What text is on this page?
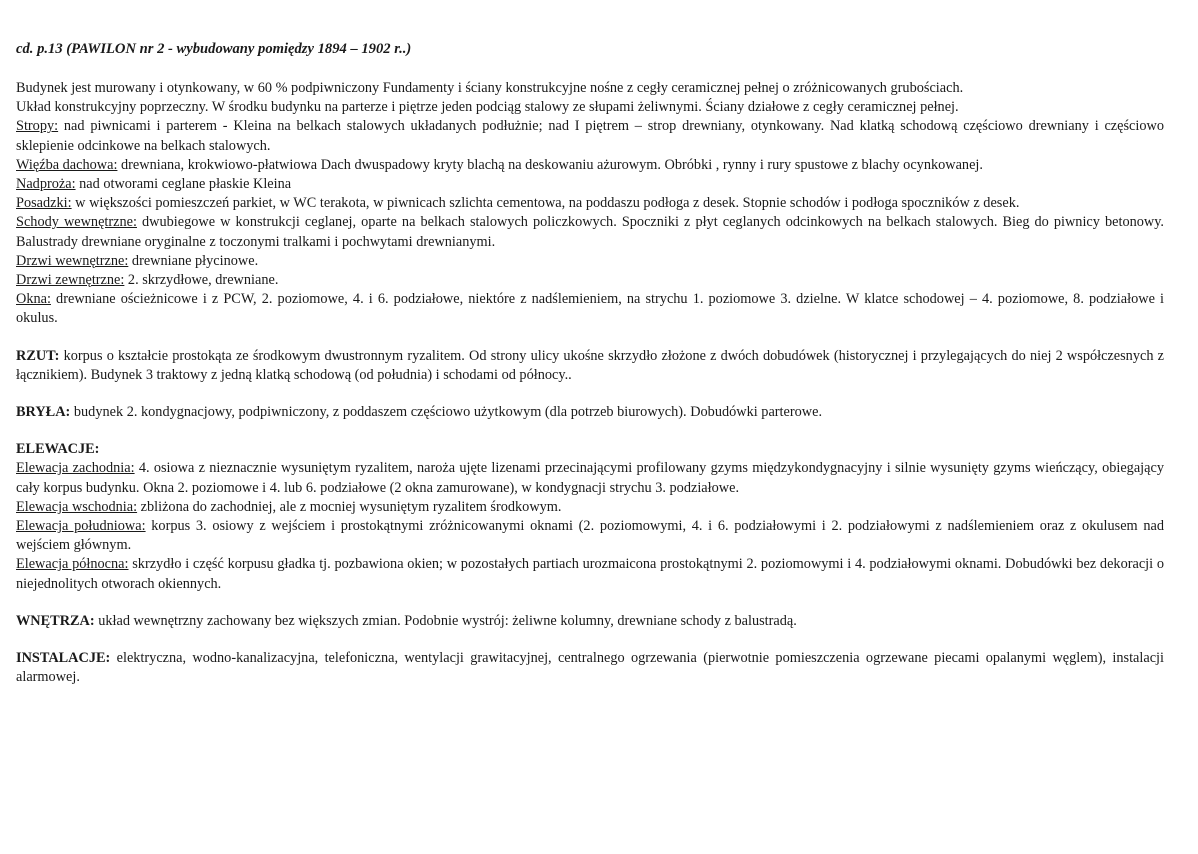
cd. p.13 (PAWILON nr 2 - wybudowany pomiędzy 1894 – 1902 r..)

Budynek jest murowany i otynkowany, w 60 % podpiwniczony Fundamenty i ściany konstrukcyjne nośne z cegły ceramicznej pełnej o zróżnicowanych grubościach.

Układ konstrukcyjny poprzeczny. W środku budynku na parterze i piętrze jeden podciąg stalowy ze słupami żeliwnymi. Ściany działowe z cegły ceramicznej pełnej.

Stropy: nad piwnicami i parterem - Kleina na belkach stalowych układanych podłużnie; nad I piętrem – strop drewniany, otynkowany. Nad klatką schodową częściowo drewniany i częściowo sklepienie odcinkowe na belkach stalowych.

Więźba dachowa: drewniana, krokwiowo-płatwiowa Dach dwuspadowy kryty blachą na deskowaniu ażurowym. Obróbki , rynny i rury spustowe z blachy ocynkowanej.

Nadproża: nad otworami ceglane płaskie Kleina

Posadzki: w większości pomieszczeń parkiet, w WC terakota, w piwnicach szlichta cementowa, na poddaszu podłoga z desek. Stopnie schodów i podłoga spoczników z desek.

Schody wewnętrzne: dwubiegowe w konstrukcji ceglanej, oparte na belkach stalowych policzkowych. Spoczniki z płyt ceglanych odcinkowych na belkach stalowych. Bieg do piwnicy betonowy. Balustrady drewniane oryginalne z toczonymi tralkami i pochwytami drewnianymi.

Drzwi wewnętrzne: drewniane płycinowe.

Drzwi zewnętrzne: 2. skrzydłowe, drewniane.

Okna: drewniane ościeżnicowe i z PCW, 2. poziomowe, 4. i 6. podziałowe, niektóre z nadślemieniem, na strychu 1. poziomowe 3. dzielne. W klatce schodowej – 4. poziomowe, 8. podziałowe i okulus.

RZUT: korpus o kształcie prostokąta ze środkowym dwustronnym ryzalitem. Od strony ulicy ukośne skrzydło złożone z dwóch dobudówek (historycznej i przylegających do niej 2 współczesnych z łącznikiem). Budynek 3 traktowy z jedną klatką schodową (od południa) i schodami od północy..

BRYŁA: budynek 2. kondygnacjowy, podpiwniczony, z poddaszem częściowo użytkowym (dla potrzeb biurowych). Dobudówki parterowe.

ELEWACJE:

Elewacja zachodnia: 4. osiowa z nieznacznie wysuniętym ryzalitem, naroża ujęte lizenami przecinającymi profilowany gzyms międzykondygnacyjny i silnie wysunięty gzyms wieńczący, obiegający cały korpus budynku. Okna 2. poziomowe i 4. lub 6. podziałowe (2 okna zamurowane), w kondygnacji strychu 3. podziałowe.

Elewacja wschodnia: zbliżona do zachodniej, ale z mocniej wysuniętym ryzalitem środkowym.

Elewacja południowa: korpus 3. osiowy z wejściem i prostokątnymi zróżnicowanymi oknami (2. poziomowymi, 4. i 6. podziałowymi i 2. podziałowymi z nadślemieniem oraz z okulusem nad wejściem głównym.

Elewacja północna: skrzydło i część korpusu gładka tj. pozbawiona okien; w pozostałych partiach urozmaicona prostokątnymi 2. poziomowymi i 4. podziałowymi oknami. Dobudówki bez dekoracji o niejednolitych otworach okiennych.

WNĘTRZA: układ wewnętrzny zachowany bez większych zmian. Podobnie wystrój: żeliwne kolumny, drewniane schody z balustradą.

INSTALACJE: elektryczna, wodno-kanalizacyjna, telefoniczna, wentylacji grawitacyjnej, centralnego ogrzewania (pierwotnie pomieszczenia ogrzewane piecami opalanymi węglem), instalacji alarmowej.
